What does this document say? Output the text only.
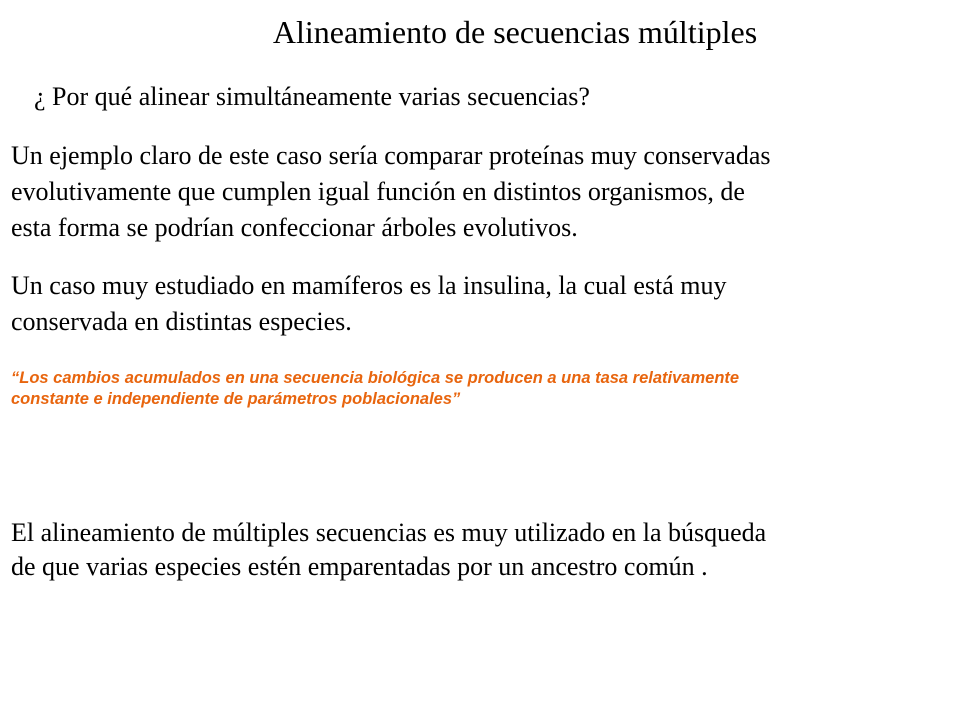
Alineamiento de secuencias múltiples
¿ Por qué alinear simultáneamente varias secuencias?

Un ejemplo claro de este caso sería comparar proteínas muy conservadas
evolutivamente que cumplen igual función en distintos organismos, de
esta forma se podrían confeccionar árboles evolutivos.

Un caso muy estudiado en mamíferos es la insulina, la cual está muy
conservada en distintas especies.

“Los cambios acumulados en una secuencia biológica se producen a una tasa relativamente
constante e independiente de parámetros poblacionales”

El alineamiento de múltiples secuencias es muy utilizado en la búsqueda
de que varias especies estén emparentadas por un ancestro común .
